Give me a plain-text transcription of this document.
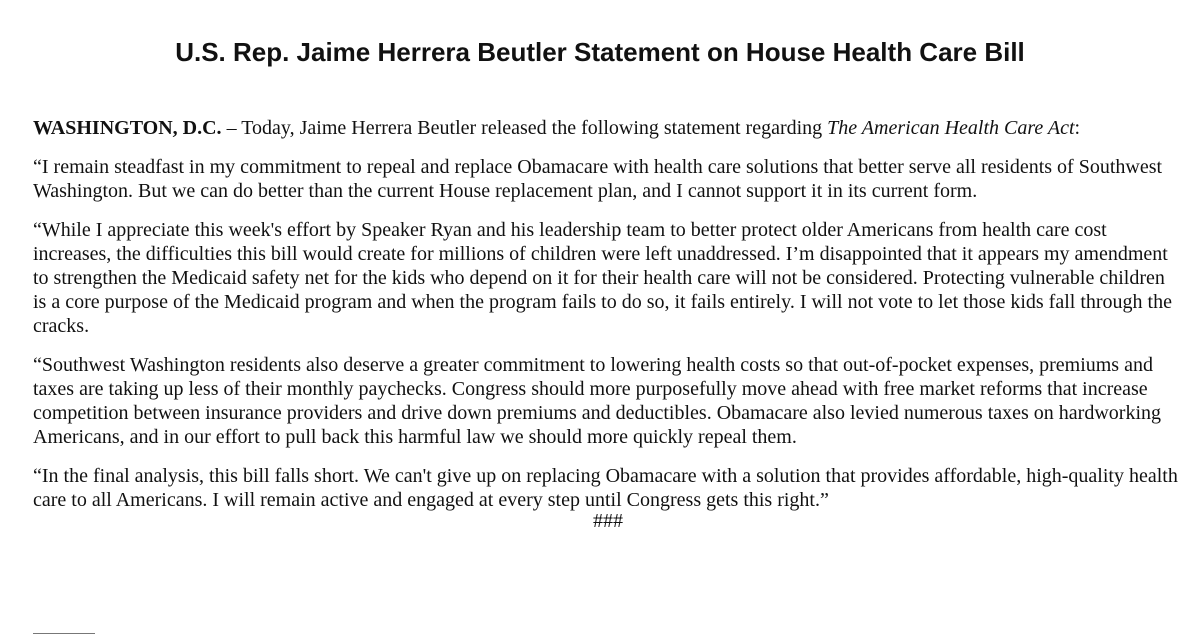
U.S. Rep. Jaime Herrera Beutler Statement on House Health Care Bill

WASHINGTON, D.C. – Today, Jaime Herrera Beutler released the following statement regarding The American Health Care Act:

“I remain steadfast in my commitment to repeal and replace Obamacare with health care solutions that better serve all residents of Southwest Washington. But we can do better than the current House replacement plan, and I cannot support it in its current form.

“While I appreciate this week's effort by Speaker Ryan and his leadership team to better protect older Americans from health care cost increases, the difficulties this bill would create for millions of children were left unaddressed. I’m disappointed that it appears my amendment to strengthen the Medicaid safety net for the kids who depend on it for their health care will not be considered. Protecting vulnerable children is a core purpose of the Medicaid program and when the program fails to do so, it fails entirely. I will not vote to let those kids fall through the cracks.

“Southwest Washington residents also deserve a greater commitment to lowering health costs so that out-of-pocket expenses, premiums and taxes are taking up less of their monthly paychecks. Congress should more purposefully move ahead with free market reforms that increase competition between insurance providers and drive down premiums and deductibles. Obamacare also levied numerous taxes on hardworking Americans, and in our effort to pull back this harmful law we should more quickly repeal them.

“In the final analysis, this bill falls short. We can't give up on replacing Obamacare with a solution that provides affordable, high-quality health care to all Americans. I will remain active and engaged at every step until Congress gets this right.”

###
